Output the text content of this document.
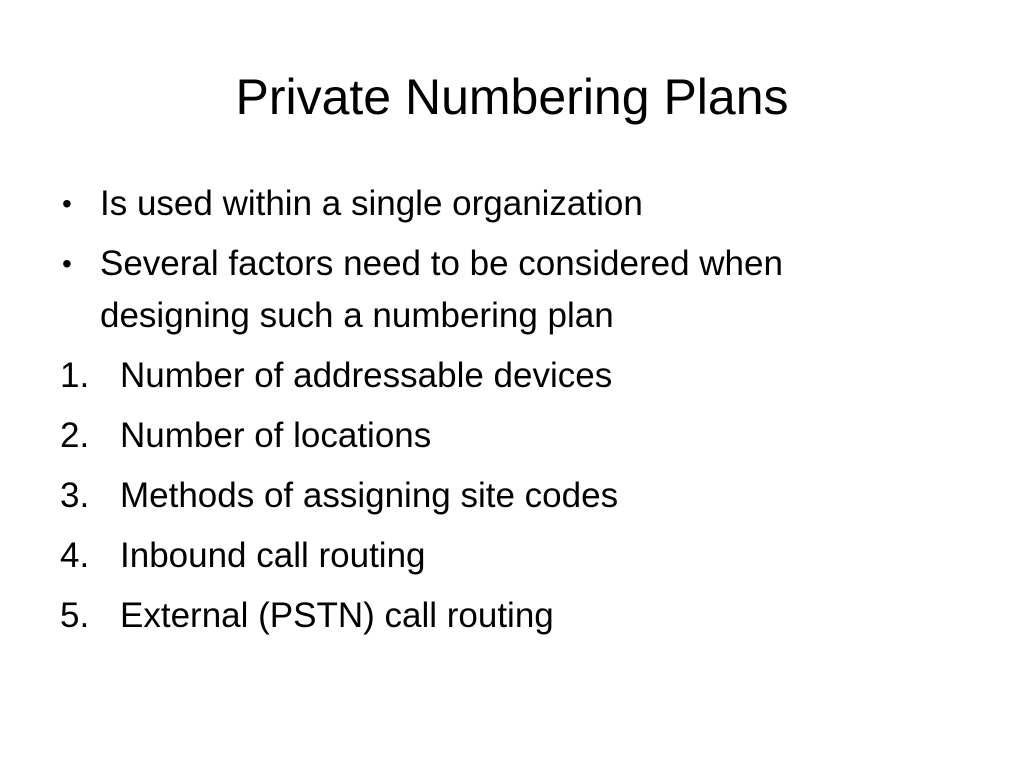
Private Numbering Plans
• Is used within a single organization
• Several factors need to be considered when
designing such a numbering plan
1. Number of addressable devices
2. Number of locations
3. Methods of assigning site codes
4. Inbound call routing
5. External (PSTN) call routing
